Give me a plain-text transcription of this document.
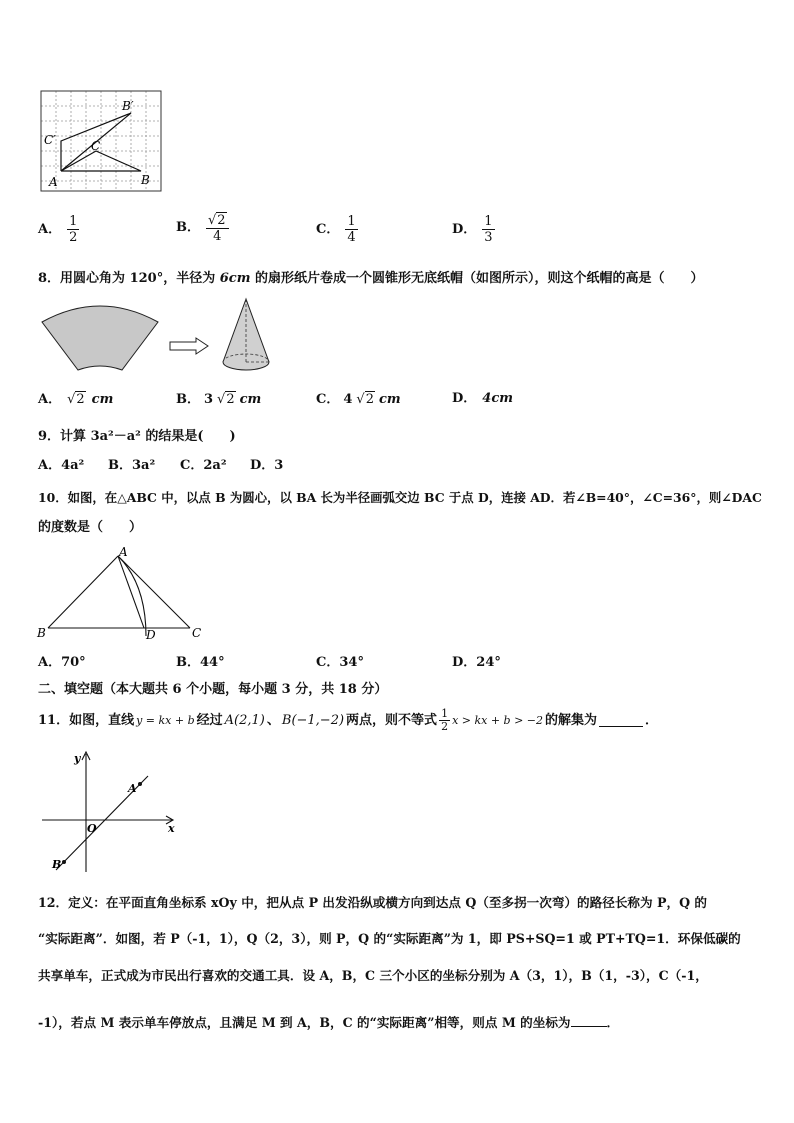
B′
C′	C
A	B
A． $\frac{1}{2}$	B． $\frac{√ 2}{4}$	C． $\frac{1}{4}$	D． $\frac{1}{3}$
8．用圆心角为 120°，半径为 6cm 的扇形纸片卷成一个圆锥形无底纸帽（如图所示），则这个纸帽的高是（　　）
A． √ 2 cm	B． 3 √ 2 cm	C． 4 √ 2 cm	D． 4cm
9．计算 3a²－a² 的结果是(　　)
A．4a² B．3a² C．2a² D．3
10．如图，在△ABC 中，以点 B 为圆心，以 BA 长为半径画弧交边 BC 于点 D，连接 AD．若∠B=40°，∠C=36°，则∠DAC
的度数是（　　）
A
B	C
D
A．70°	B．44°	C．34°	D．24°
二、填空题（本大题共 6 个小题，每小题 3 分，共 18 分）
11．如图，直线 y = kx + b 经过 A(2,1) 、 B(−1,−2) 两点，则不等式 $\frac{1}{2}$ x > kx + b > −2 的解集为	．
y
x
O
A
B
12．定义：在平面直角坐标系 xOy 中，把从点 P 出发沿纵或横方向到达点 Q（至多拐一次弯）的路径长称为 P，Q 的
“实际距离”．如图，若 P（-1，1），Q（2，3），则 P，Q 的“实际距离”为 1，即 PS+SQ=1 或 PT+TQ=1．环保低碳的
共享单车，正式成为市民出行喜欢的交通工具．设 A，B，C 三个小区的坐标分别为 A（3，1），B（1，-3），C（-1，
-1），若点 M 表示单车停放点，且满足 M 到 A，B，C 的“实际距离”相等，则点 M 的坐标为	．
